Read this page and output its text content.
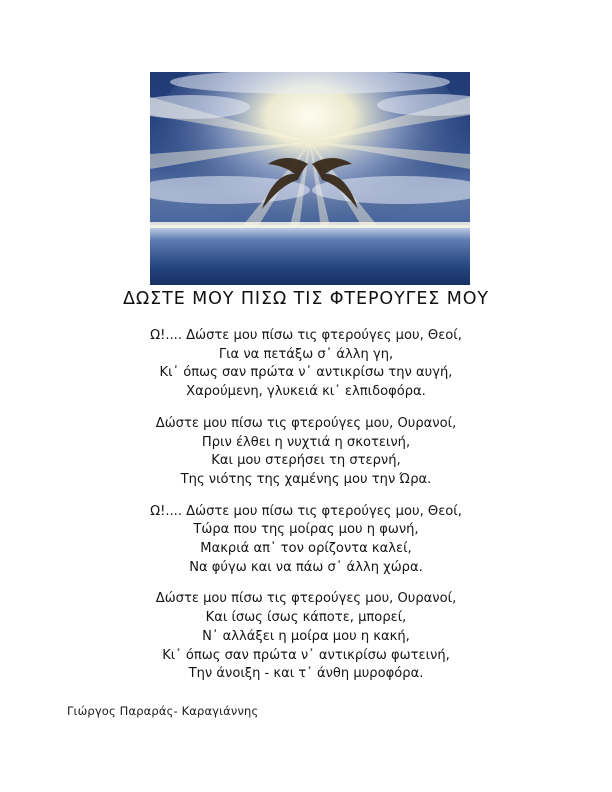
ΔΩΣΤΕ ΜΟΥ ΠΙΣΩ ΤΙΣ ΦΤΕΡΟΥΓΕΣ ΜΟΥ
Ω!.... Δώστε μου πίσω τις φτερούγες μου, Θεοί,
Για να πετάξω σ᾽ άλλη γη,
Κι᾽ όπως σαν πρώτα ν᾽ αντικρίσω την αυγή,
Χαρούμενη, γλυκειά κι᾽ ελπιδοφόρα.
Δώστε μου πίσω τις φτερούγες μου, Ουρανοί,
Πριν έλθει η νυχτιά η σκοτεινή,
Και μου στερήσει τη στερνή,
Της νιότης της χαμένης μου την Ώρα.
Ω!.... Δώστε μου πίσω τις φτερούγες μου, Θεοί,
Τώρα που της μοίρας μου η φωνή,
Μακριά απ᾽ τον ορίζοντα καλεί,
Να φύγω και να πάω σ᾽ άλλη χώρα.
Δώστε μου πίσω τις φτερούγες μου, Ουρανοί,
Και ίσως ίσως κάποτε, μπορεί,
Ν᾽ αλλάξει η μοίρα μου η κακή,
Κι᾽ όπως σαν πρώτα ν᾽ αντικρίσω φωτεινή,
Την άνοιξη - και τ᾽ άνθη μυροφόρα.
Γιώργος Παραράς- Καραγιάννης
